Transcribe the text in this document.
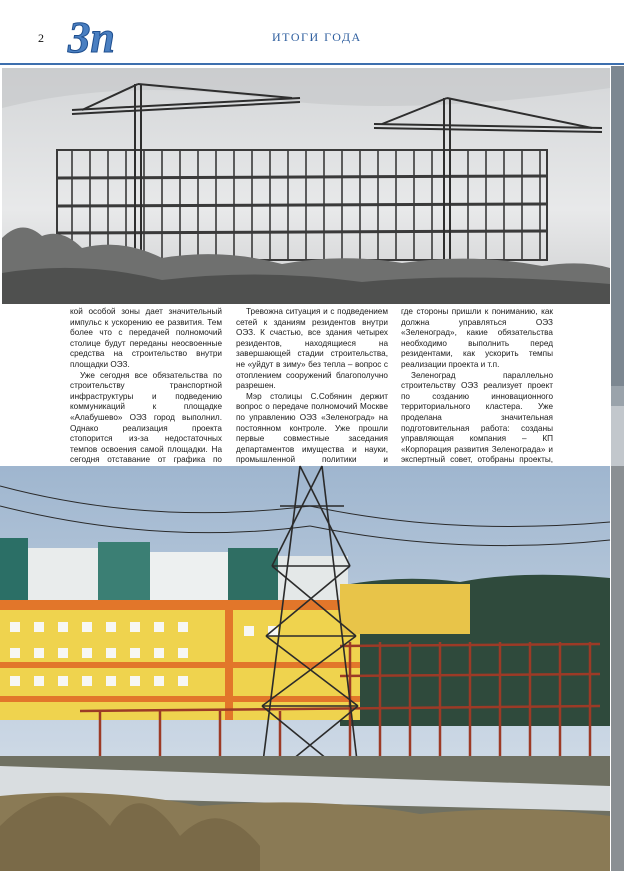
2 Зп	ИТОГИ ГОДА

кой особой зоны дает значительный импульс к ускорению ее развития. Тем более что с передачей полномочий столице будут переданы неосвоенные средства на строительство внутри площадки ОЭЗ.

Уже сегодня все обязательства по строительству транспортной инфраструктуры и подведению коммуникаций к площадке «Алабушево» ОЭЗ город выполнил. Однако реализация проекта стопорится из-за недостаточных темпов освоения самой площадки. На сегодня отставание от графика по

Тревожна ситуация и с подведением сетей к зданиям резидентов внутри ОЭЗ. К счастью, все здания четырех резидентов, находящиеся на завершающей стадии строительства, не «уйдут в зиму» без тепла – вопрос с отоплением сооружений благополучно разрешен.

Мэр столицы С.Собянин держит вопрос о передаче полномочий Москве по управлению ОЭЗ «Зеленоград» на постоянном контроле. Уже прошли первые совместные заседания департаментов имущества и науки, промышленной политики и

где стороны пришли к пониманию, как должна управляться ОЭЗ «Зеленоград», какие обязательства необходимо выполнить перед резидентами, как ускорить темпы реализации проекта и т.п.

Зеленоград параллельно строительству ОЭЗ реализует проект по созданию инновационного территориального кластера. Уже проделана значительная подготовительная работа: созданы управляющая компания – КП «Корпорация развития Зеленограда» и экспертный совет, отобраны проекты,
